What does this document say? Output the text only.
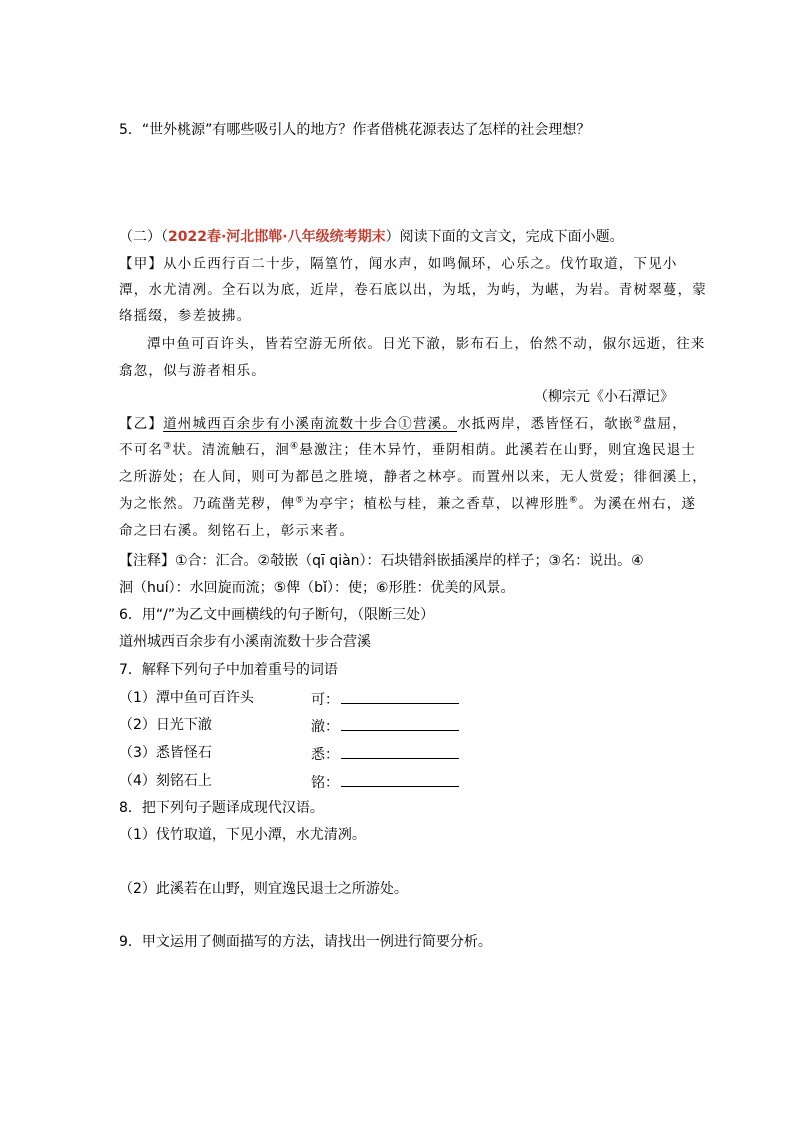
5．“世外桃源”有哪些吸引人的地方？作者借桃花源表达了怎样的社会理想？
（二）（2022春·河北邯郸·八年级统考期末）阅读下面的文言文，完成下面小题。
【甲】从小丘西行百二十步，隔篁竹，闻水声，如鸣佩环，心乐之。伐竹取道，下见小
潭，水尤清冽。全石以为底，近岸，卷石底以出，为坻，为屿，为嵁，为岩。青树翠蔓，蒙
络摇缀，参差披拂。
潭中鱼可百许头，皆若空游无所依。日光下澈，影布石上，佁然不动，俶尔远逝，往来
翕忽，似与游者相乐。
（柳宗元《小石潭记》
【乙】道州城西百余步有小溪南流数十步合①营溪。水抵两岸，悉皆怪石，欹嵌②盘屈，
不可名③状。清流触石，洄④悬激注；佳木异竹，垂阴相荫。此溪若在山野，则宜逸民退士
之所游处；在人间，则可为都邑之胜境，静者之林亭。而置州以来，无人赏爱；徘徊溪上，
为之怅然。乃疏凿芜秽，俾⑤为亭宇；植松与桂，兼之香草，以裨形胜⑥。为溪在州右，遂
命之曰右溪。刻铭石上，彰示来者。
【注释】①合：汇合。②攲嵌（qī qiàn）：石块错斜嵌插溪岸的样子；③名：说出。④
洄（huí）：水回旋而流；⑤俾（bǐ）：使；⑥形胜：优美的风景。
6．用“/”为乙文中画横线的句子断句，（限断三处）
道州城西百余步有小溪南流数十步合营溪
7．解释下列句子中加着重号的词语
（1）潭中鱼可百许头	可：
（2）日光下澈	澈：
（3）悉皆怪石	悉：
（4）刻铭石上	铭：
8．把下列句子题译成现代汉语。
（1）伐竹取道，下见小潭，水尤清冽。
（2）此溪若在山野，则宜逸民退士之所游处。
9．甲文运用了侧面描写的方法，请找出一例进行简要分析。
